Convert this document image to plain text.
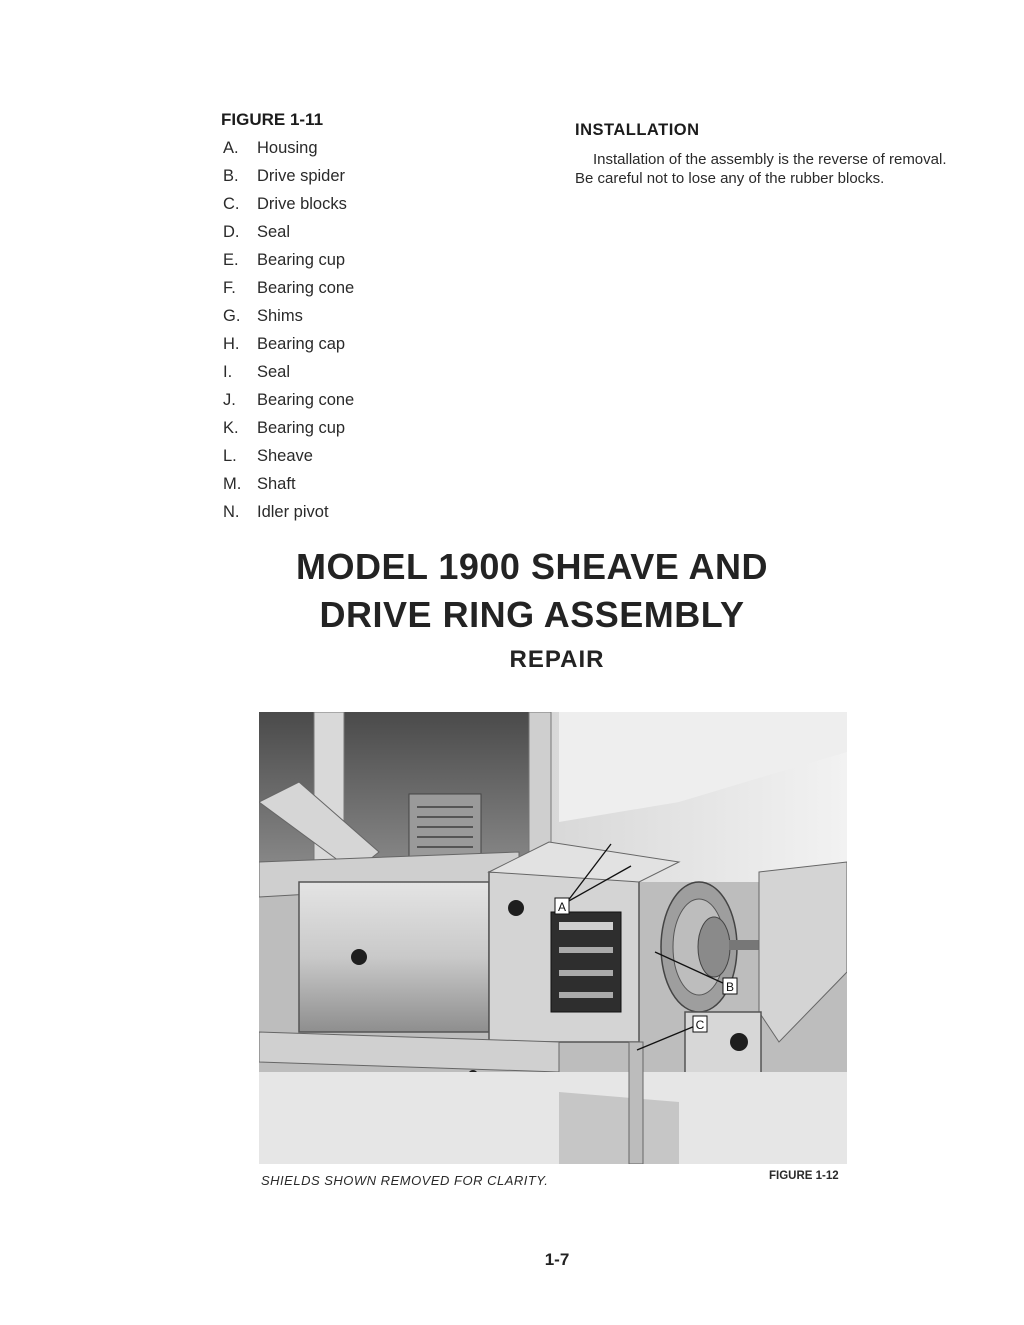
FIGURE 1-11
A.	Housing
B.	Drive spider
C.	Drive blocks
D.	Seal
E.	Bearing cup
F.	Bearing cone
G.	Shims
H.	Bearing cap
I.	Seal
J.	Bearing cone
K.	Bearing cup
L.	Sheave
M. Shaft
N.	Idler pivot
INSTALLATION

Installation of the assembly is the reverse of removal. Be careful not to lose any of the rubber blocks.

MODEL 1900 SHEAVE AND
DRIVE RING ASSEMBLY
REPAIR
A
B
C
SHIELDS SHOWN REMOVED FOR CLARITY.	FIGURE 1-12
1-7
